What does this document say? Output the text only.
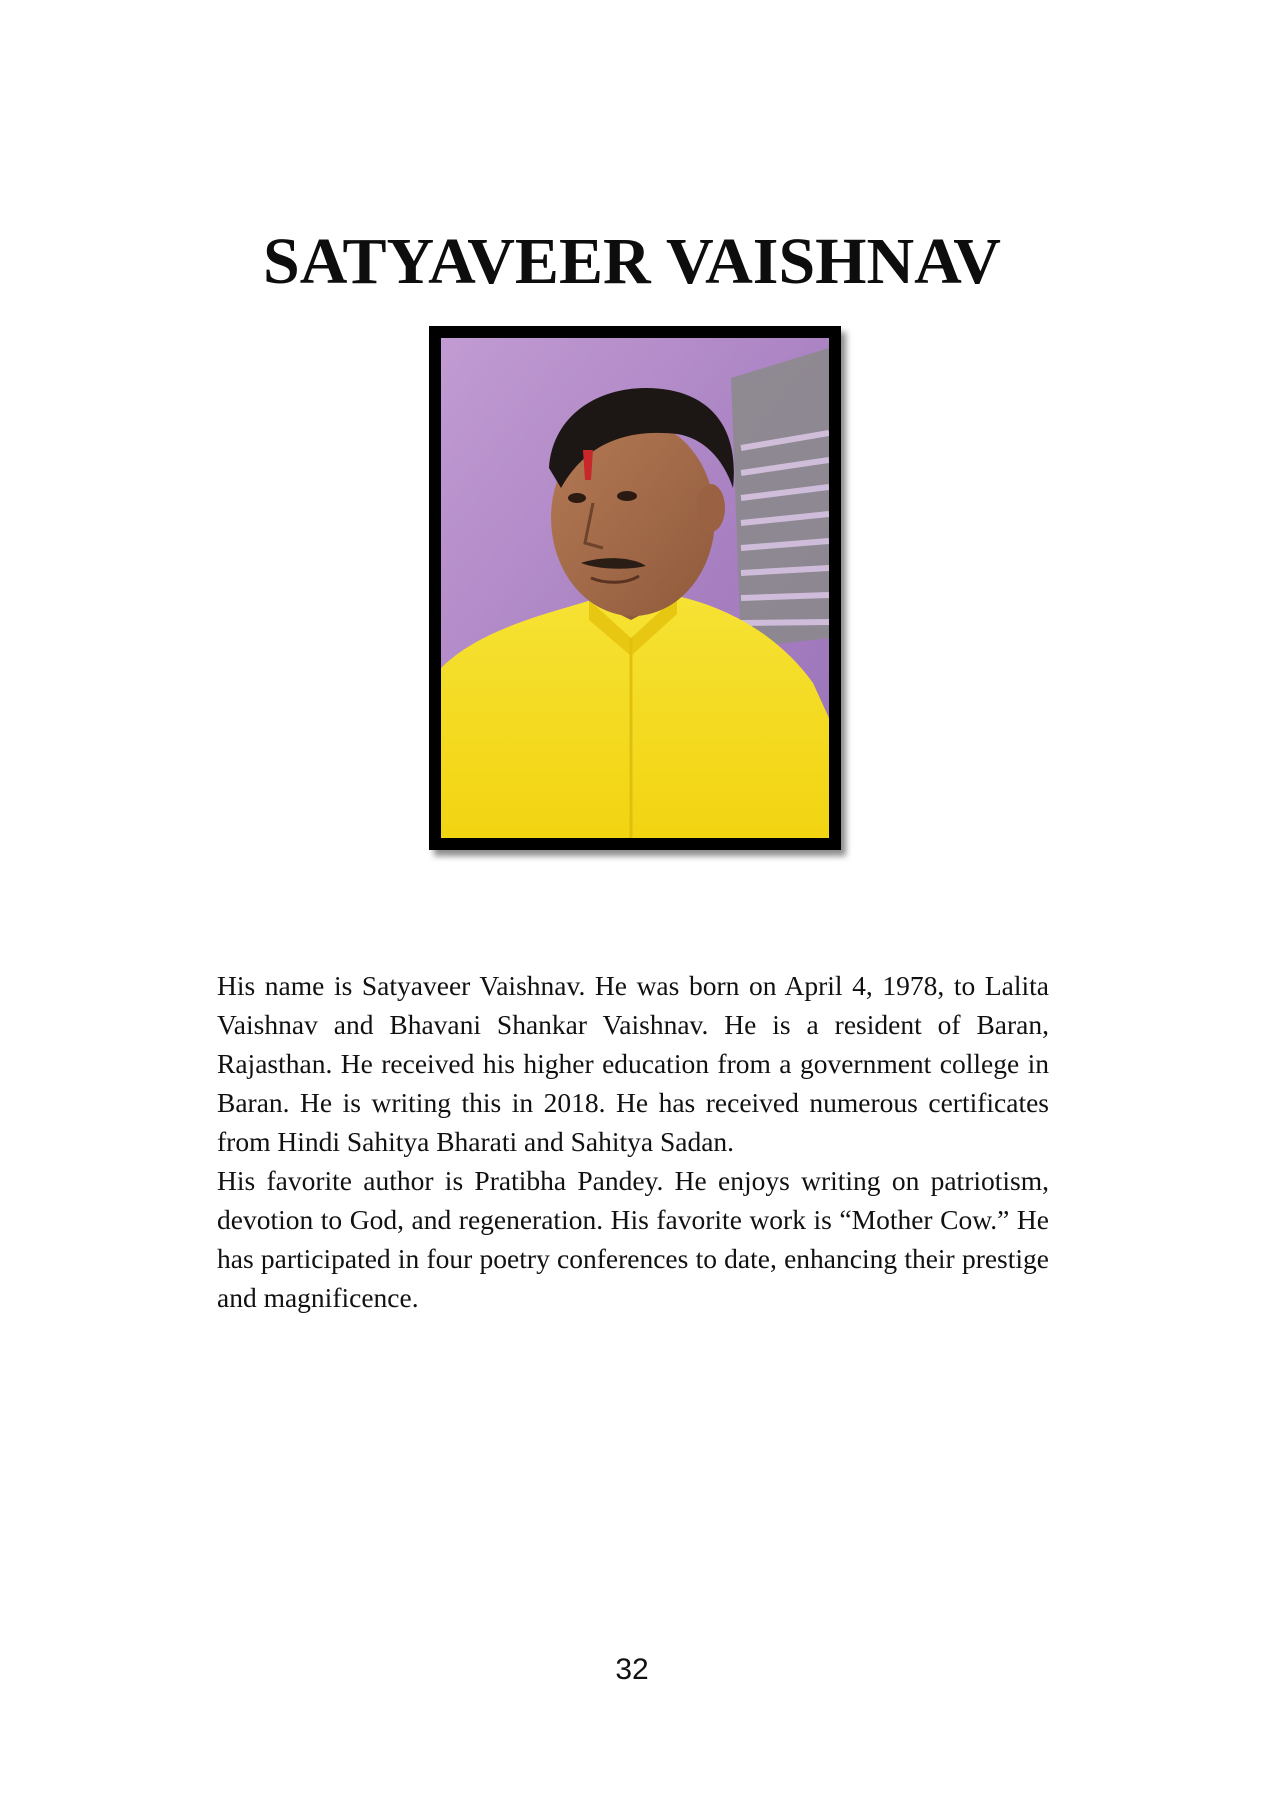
SATYAVEER VAISHNAV

His name is Satyaveer Vaishnav. He was born on April 4, 1978, to Lalita Vaishnav and Bhavani Shankar Vaishnav. He is a resident of Baran, Rajasthan. He received his higher education from a government college in Baran. He is writing this in 2018. He has received numerous certificates from Hindi Sahitya Bharati and Sahitya Sadan.

His favorite author is Pratibha Pandey. He enjoys writing on patriotism, devotion to God, and regeneration. His favorite work is “Mother Cow.” He has participated in four poetry conferences to date, enhancing their prestige and magnificence.

32
